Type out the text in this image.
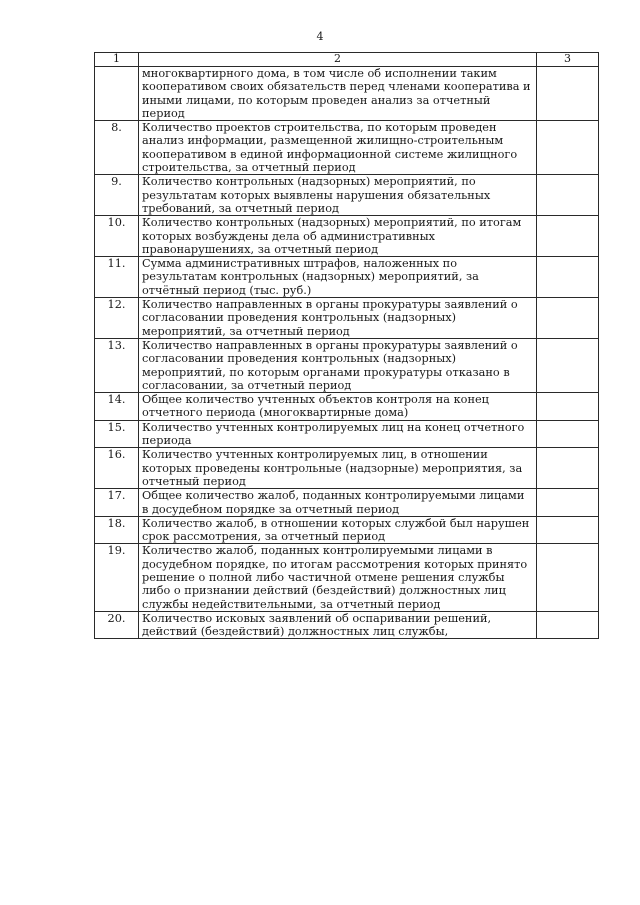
4
1	2	3
	многоквартирного дома, в том числе об исполнении таким кооперативом своих обязательств перед членами кооператива и иными лицами, по которым проведен анализ за отчетный период	
8.	Количество проектов строительства, по которым проведен анализ информации, размещенной жилищно-строительным кооперативом в единой информационной системе жилищного строительства, за отчетный период	
9.	Количество контрольных (надзорных) мероприятий, по результатам которых выявлены нарушения обязательных требований, за отчетный период	
10.	Количество контрольных (надзорных) мероприятий, по итогам которых возбуждены дела об административных правонарушениях, за отчетный период	
11.	Сумма административных штрафов, наложенных по результатам контрольных (надзорных) мероприятий, за отчётный период (тыс. руб.)	
12.	Количество направленных в органы прокуратуры заявлений о согласовании проведения контрольных (надзорных) мероприятий, за отчетный период	
13.	Количество направленных в органы прокуратуры заявлений о согласовании проведения контрольных (надзорных) мероприятий, по которым органами прокуратуры отказано в согласовании, за отчетный период	
14.	Общее количество учтенных объектов контроля на конец отчетного периода (многоквартирные дома)	
15.	Количество учтенных контролируемых лиц на конец отчетного периода	
16.	Количество учтенных контролируемых лиц, в отношении которых проведены контрольные (надзорные) мероприятия, за отчетный период	
17.	Общее количество жалоб, поданных контролируемыми лицами в досудебном порядке за отчетный период	
18.	Количество жалоб, в отношении которых службой был нарушен срок рассмотрения, за отчетный период	
19.	Количество жалоб, поданных контролируемыми лицами в досудебном порядке, по итогам рассмотрения которых принято решение о полной либо частичной отмене решения службы либо о признании действий (бездействий) должностных лиц службы недействительными, за отчетный период	
20.	Количество исковых заявлений об оспаривании решений, действий (бездействий) должностных лиц службы,	
